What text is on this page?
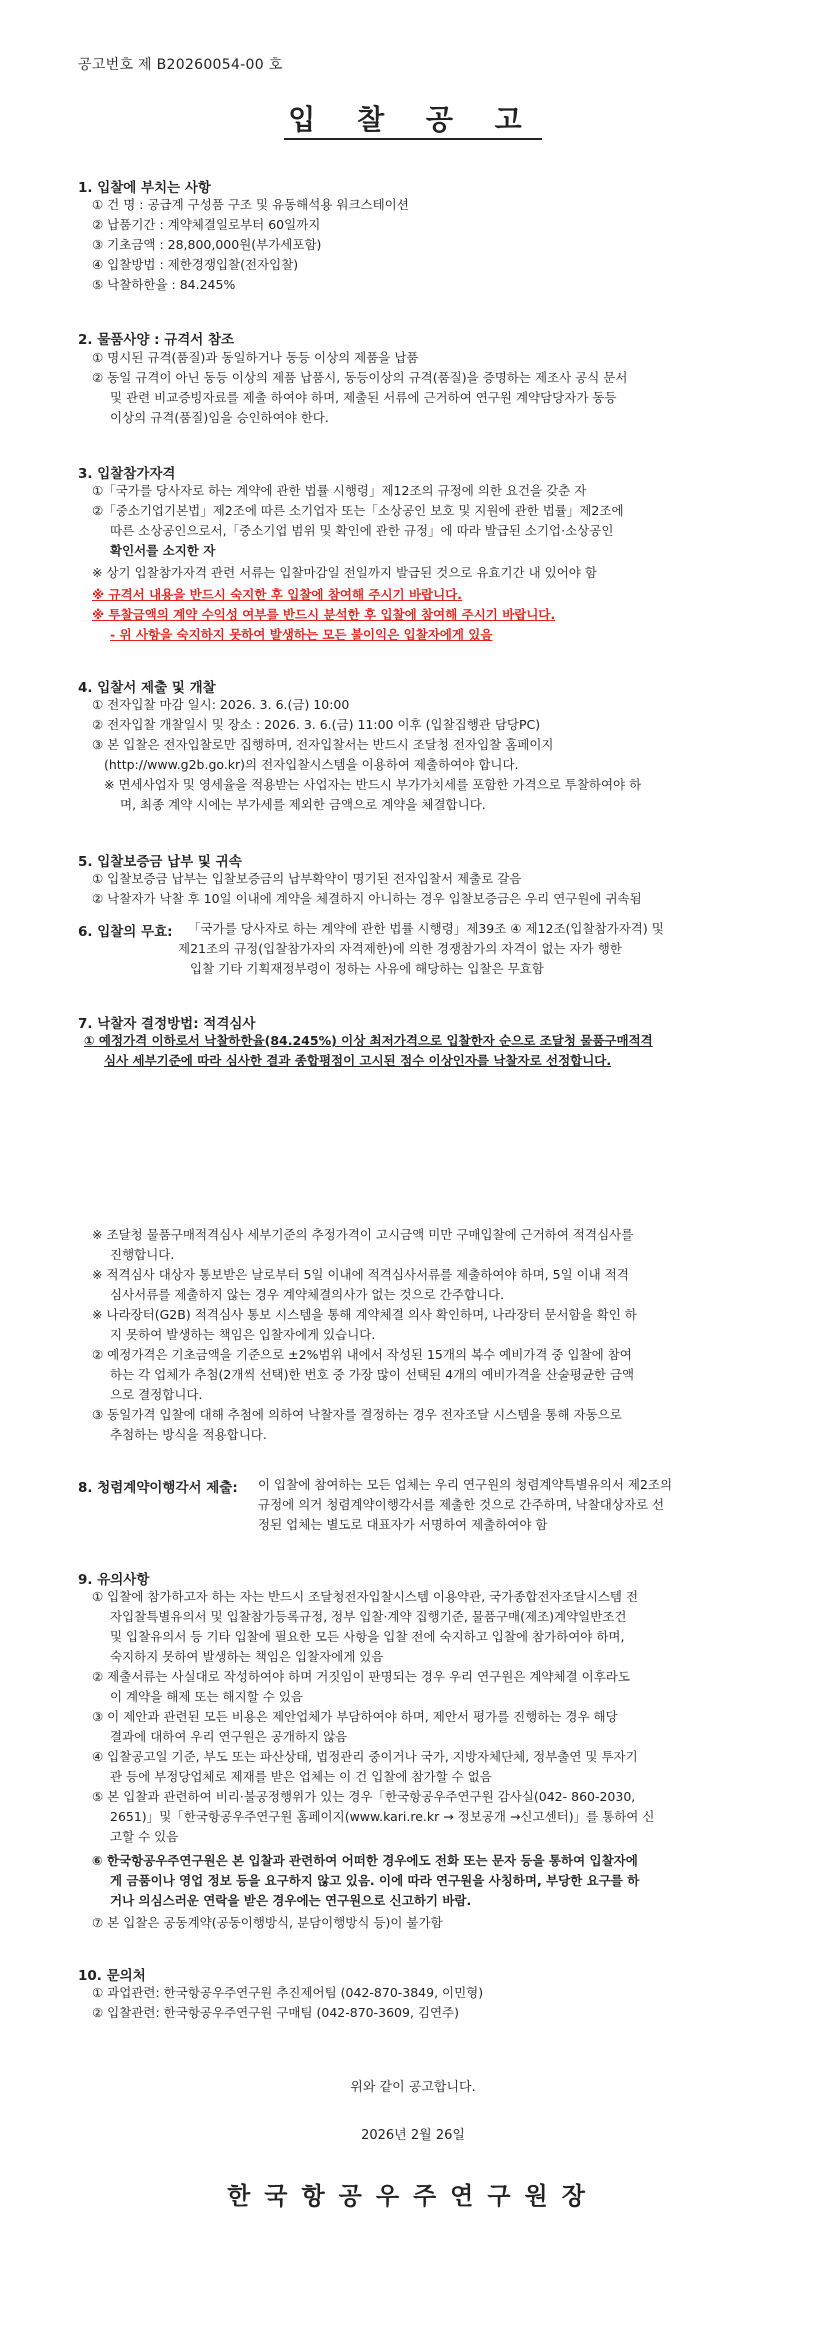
공고번호 제 B20260054-00 호
입 찰 공 고
1. 입찰에 부치는 사항
① 건 명 : 공급계 구성품 구조 및 유동해석용 워크스테이션
② 납품기간 : 계약체결일로부터 60일까지
③ 기초금액 : 28,800,000원(부가세포함)
④ 입찰방법 : 제한경쟁입찰(전자입찰)
⑤ 낙찰하한율 : 84.245%
2. 물품사양 : 규격서 참조
① 명시된 규격(품질)과 동일하거나 동등 이상의 제품을 납품
② 동일 규격이 아닌 동등 이상의 제품 납품시, 동등이상의 규격(품질)을 증명하는 제조사 공식 문서
및 관련 비교증빙자료를 제출 하여야 하며, 제출된 서류에 근거하여 연구원 계약담당자가 동등
이상의 규격(품질)임을 승인하여야 한다.
3. 입찰참가자격
①「국가를 당사자로 하는 계약에 관한 법률 시행령」제12조의 규정에 의한 요건을 갖춘 자
②「중소기업기본법」제2조에 따른 소기업자 또는「소상공인 보호 및 지원에 관한 법률」제2조에
따른 소상공인으로서,「중소기업 범위 및 확인에 관한 규정」에 따라 발급된 소기업·소상공인
확인서를 소지한 자
※ 상기 입찰참가자격 관련 서류는 입찰마감일 전일까지 발급된 것으로 유효기간 내 있어야 함
※ 규격서 내용을 반드시 숙지한 후 입찰에 참여해 주시기 바랍니다.
※ 투찰금액의 계약 수익성 여부를 반드시 분석한 후 입찰에 참여해 주시기 바랍니다.
- 위 사항을 숙지하지 못하여 발생하는 모든 불이익은 입찰자에게 있음
4. 입찰서 제출 및 개찰
① 전자입찰 마감 일시: 2026. 3. 6.(금) 10:00
② 전자입찰 개찰일시 및 장소 : 2026. 3. 6.(금) 11:00 이후 (입찰집행관 담당PC)
③ 본 입찰은 전자입찰로만 집행하며, 전자입찰서는 반드시 조달청 전자입찰 홈페이지
(http://www.g2b.go.kr)의 전자입찰시스템을 이용하여 제출하여야 합니다.
※ 면세사업자 및 영세율을 적용받는 사업자는 반드시 부가가치세를 포함한 가격으로 투찰하여야 하
며, 최종 계약 시에는 부가세를 제외한 금액으로 계약을 체결합니다.
5. 입찰보증금 납부 및 귀속
① 입찰보증금 납부는 입찰보증금의 납부확약이 명기된 전자입찰서 제출로 갈음
② 낙찰자가 낙찰 후 10일 이내에 계약을 체결하지 아니하는 경우 입찰보증금은 우리 연구원에 귀속됨
6. 입찰의 무효: 「국가를 당사자로 하는 계약에 관한 법률 시행령」제39조 ④ 제12조(입찰참가자격) 및
제21조의 규정(입찰참가자의 자격제한)에 의한 경쟁참가의 자격이 없는 자가 행한
입찰 기타 기획재정부령이 정하는 사유에 해당하는 입찰은 무효함
7. 낙찰자 결정방법: 적격심사
① 예정가격 이하로서 낙찰하한율(84.245%) 이상 최저가격으로 입찰한자 순으로 조달청 물품구매적격
심사 세부기준에 따라 심사한 결과 종합평점이 고시된 점수 이상인자를 낙찰자로 선정합니다.
※ 조달청 물품구매적격심사 세부기준의 추정가격이 고시금액 미만 구매입찰에 근거하여 적격심사를
진행합니다.
※ 적격심사 대상자 통보받은 날로부터 5일 이내에 적격심사서류를 제출하여야 하며, 5일 이내 적격
심사서류를 제출하지 않는 경우 계약체결의사가 없는 것으로 간주합니다.
※ 나라장터(G2B) 적격심사 통보 시스템을 통해 계약체결 의사 확인하며, 나라장터 문서함을 확인 하
지 못하여 발생하는 책임은 입찰자에게 있습니다.
② 예정가격은 기초금액을 기준으로 ±2%범위 내에서 작성된 15개의 복수 예비가격 중 입찰에 참여
하는 각 업체가 추첨(2개씩 선택)한 번호 중 가장 많이 선택된 4개의 예비가격을 산술평균한 금액
으로 결정합니다.
③ 동일가격 입찰에 대해 추첨에 의하여 낙찰자를 결정하는 경우 전자조달 시스템을 통해 자동으로
추첨하는 방식을 적용합니다.
8. 청렴계약이행각서 제출: 이 입찰에 참여하는 모든 업체는 우리 연구원의 청렴계약특별유의서 제2조의
규정에 의거 청렴계약이행각서를 제출한 것으로 간주하며, 낙찰대상자로 선
정된 업체는 별도로 대표자가 서명하여 제출하여야 함
9. 유의사항
① 입찰에 참가하고자 하는 자는 반드시 조달청전자입찰시스템 이용약관, 국가종합전자조달시스템 전
자입찰특별유의서 및 입찰참가등록규정, 정부 입찰·계약 집행기준, 물품구매(제조)계약일반조건
및 입찰유의서 등 기타 입찰에 필요한 모든 사항을 입찰 전에 숙지하고 입찰에 참가하여야 하며,
숙지하지 못하여 발생하는 책임은 입찰자에게 있음
② 제출서류는 사실대로 작성하여야 하며 거짓임이 판명되는 경우 우리 연구원은 계약체결 이후라도
이 계약을 해제 또는 해지할 수 있음
③ 이 제안과 관련된 모든 비용은 제안업체가 부담하여야 하며, 제안서 평가를 진행하는 경우 해당
결과에 대하여 우리 연구원은 공개하지 않음
④ 입찰공고일 기준, 부도 또는 파산상태, 법정관리 중이거나 국가, 지방자체단체, 정부출연 및 투자기
관 등에 부정당업체로 제재를 받은 업체는 이 건 입찰에 참가할 수 없음
⑤ 본 입찰과 관련하여 비리·불공정행위가 있는 경우「한국항공우주연구원 감사실(042- 860-2030,
2651)」및「한국항공우주연구원 홈페이지(www.kari.re.kr → 정보공개 →신고센터)」를 통하여 신
고할 수 있음
⑥ 한국항공우주연구원은 본 입찰과 관련하여 어떠한 경우에도 전화 또는 문자 등을 통하여 입찰자에
게 금품이나 영업 정보 등을 요구하지 않고 있음. 이에 따라 연구원을 사칭하며, 부당한 요구를 하
거나 의심스러운 연락을 받은 경우에는 연구원으로 신고하기 바람.
⑦ 본 입찰은 공동계약(공동이행방식, 분담이행방식 등)이 불가함
10. 문의처
① 과업관련: 한국항공우주연구원 추진제어팀 (042-870-3849, 이민형)
② 입찰관련: 한국항공우주연구원 구매팀 (042-870-3609, 김연주)
위와 같이 공고합니다.
2026년 2월 26일
한국항공우주연구원장
